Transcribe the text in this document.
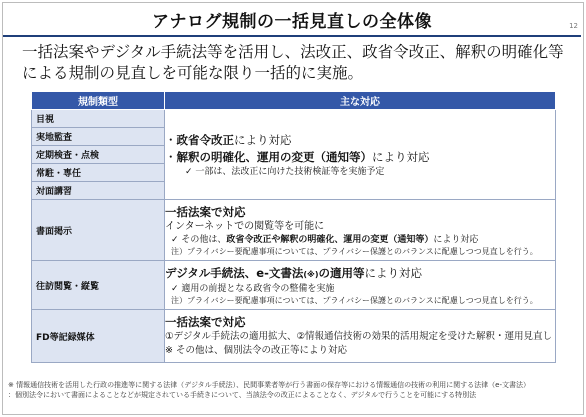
アナログ規制の一括見直しの全体像	12
一括法案やデジタル手続法等を活用し、法改正、政省令改正、解釈の明確化等による規制の見直しを可能な限り一括的に実施。
規制類型	主な対応
目視	・政省令改正により対応
・解釈の明確化、運用の変更（通知等）により対応
✓ 一部は、法改正に向けた技術検証等を実施予定

実地監査	
定期検査・点検	
常駐・専任	
対面講習	
書面掲示	一括法案で対応
インターネットでの閲覧等を可能に
✓ その他は、政省令改正や解釈の明確化、運用の変更（通知等）により対応
注）プライバシー要配慮事項については、プライバシー保護とのバランスに配慮しつつ見直しを行う。

往訪閲覧・縦覧	デジタル手続法、e-文書法(※)の適用等により対応
✓ 適用の前提となる政省令の整備を実施
注）プライバシー要配慮事項については、プライバシー保護とのバランスに配慮しつつ見直しを行う。

FD等記録媒体	一括法案で対応
①デジタル手続法の適用拡大、②情報通信技術の効果的活用規定を受けた解釈・運用見直し
※ その他は、個別法令の改正等により対応
※ 情報通信技術を活用した行政の推進等に関する法律（デジタル手続法）、民間事業者等が行う書面の保存等における情報通信の技術の利用に関する法律（e-文書法）
：個別法令において書面によることなどが規定されている手続きについて、当該法令の改正によることなく、デジタルで行うことを可能にする特別法
